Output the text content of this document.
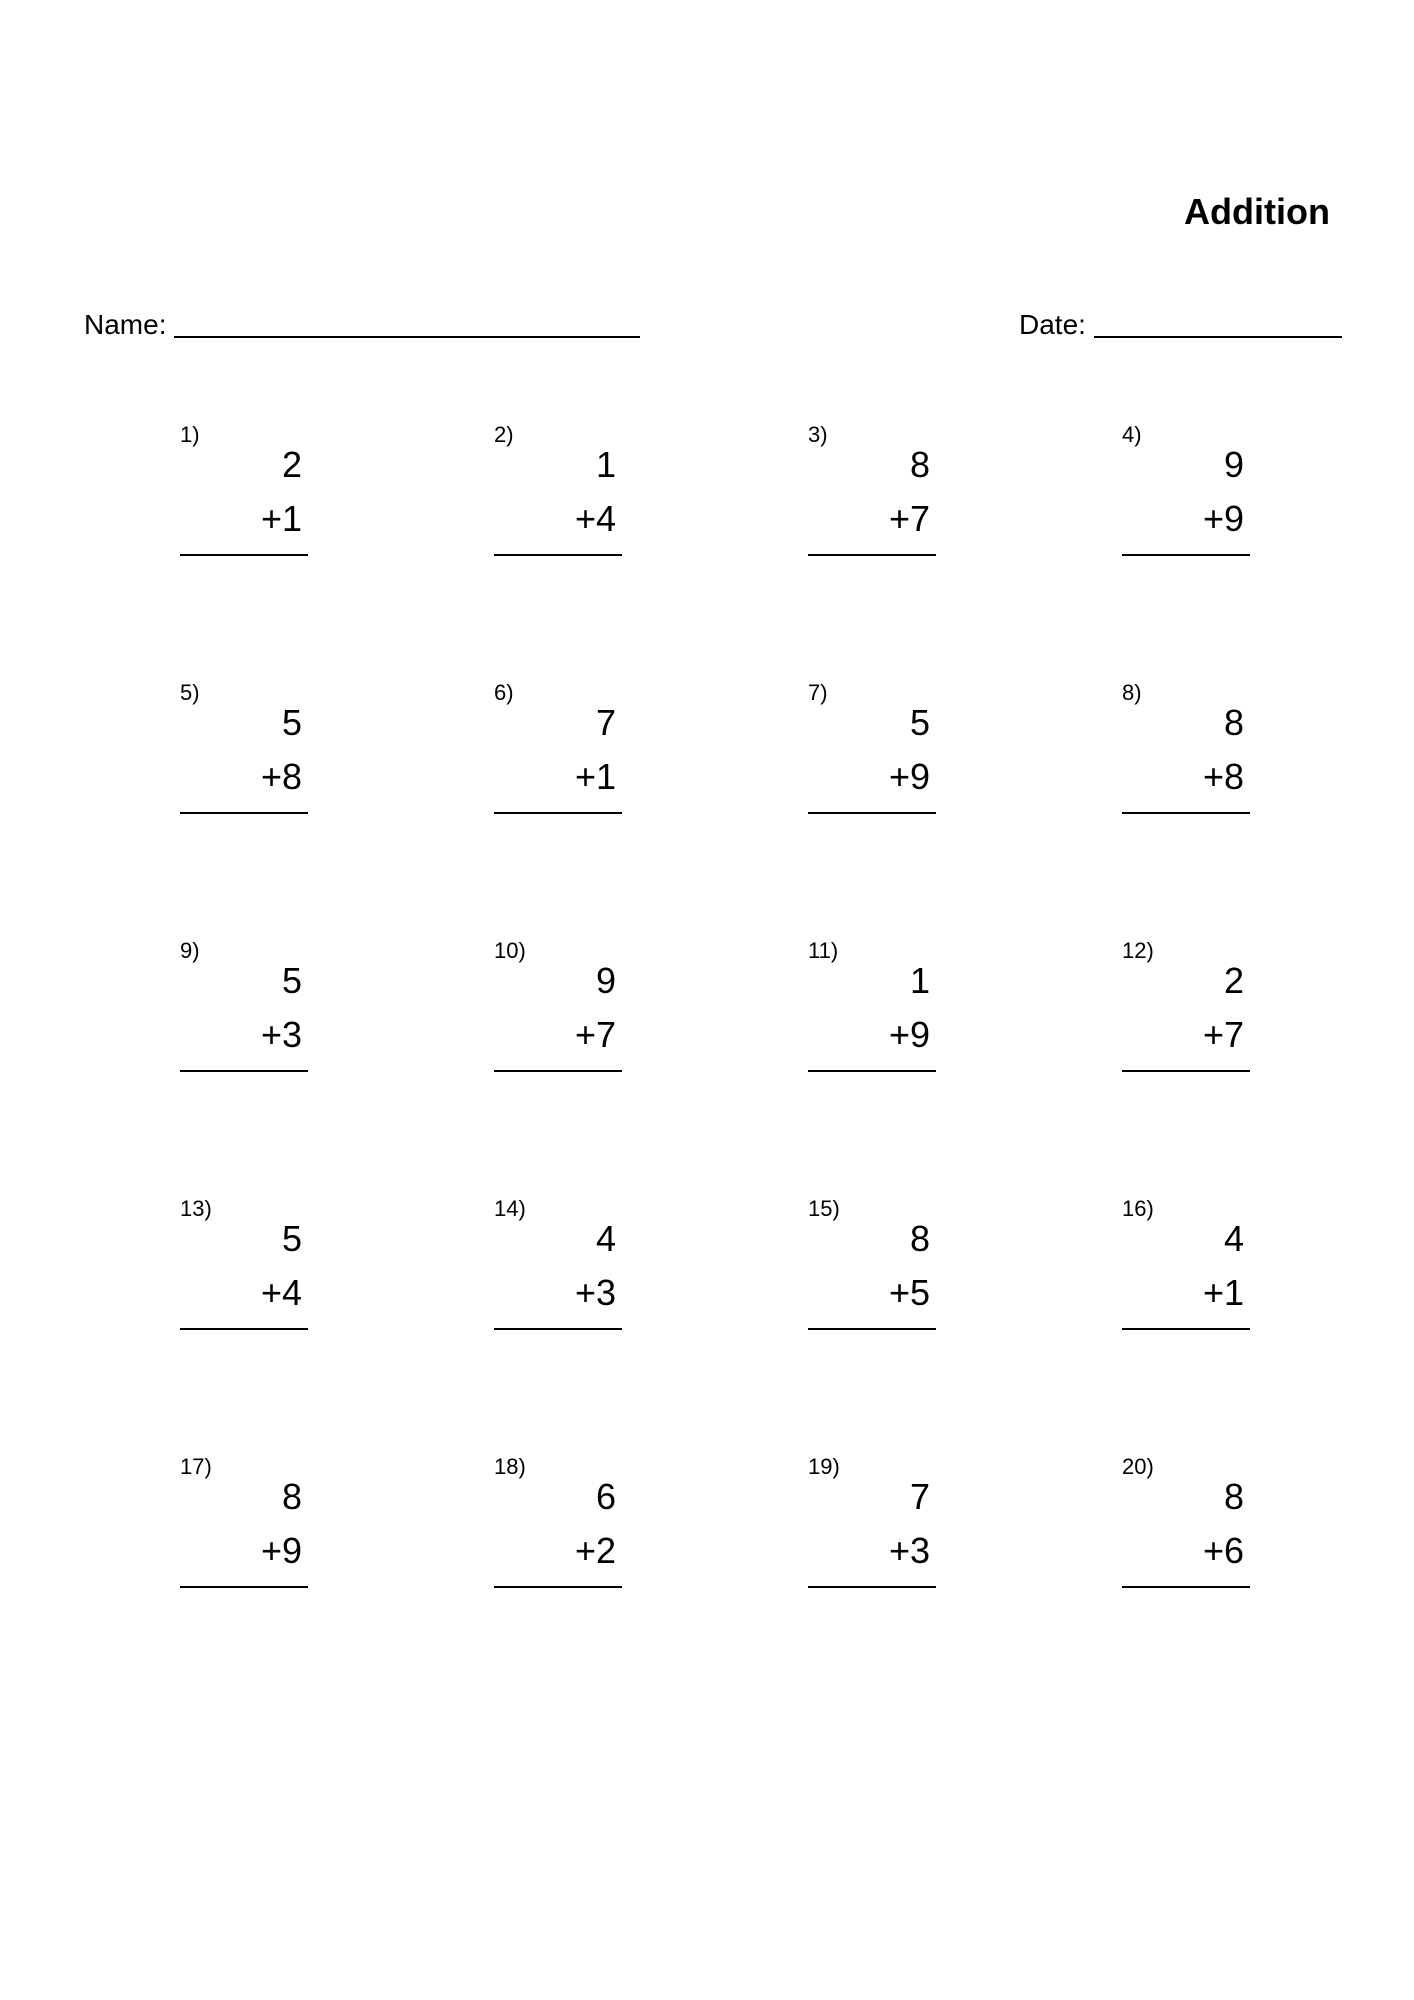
Addition
Name:	Date:
1)
2
+1
2)
1
+4
3)
8
+7
4)
9
+9
5)
5
+8
6)
7
+1
7)
5
+9
8)
8
+8
9)
5
+3
10)
9
+7
11)
1
+9
12)
2
+7
13)
5
+4
14)
4
+3
15)
8
+5
16)
4
+1
17)
8
+9
18)
6
+2
19)
7
+3
20)
8
+6
